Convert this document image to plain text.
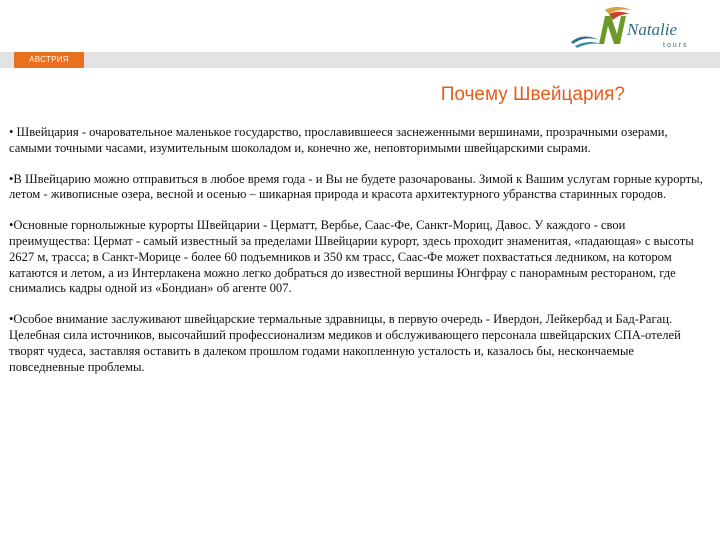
Natalie
tours
АВСТРИЯ
Почему Швейцария?

• Швейцария - очаровательное маленькое государство, прославившееся заснеженными вершинами, прозрачными озерами, самыми точными часами, изумительным шоколадом и, конечно же, неповторимыми швейцарскими сырами.

•В Швейцарию можно отправиться в любое время года - и Вы не будете разочарованы. Зимой к Вашим услугам горные курорты, летом - живописные озера, весной и осенью – шикарная природа и красота архитектурного убранства старинных городов.

•Основные горнолыжные курорты Швейцарии - Церматт, Вербье, Саас-Фе, Санкт-Мориц, Давос. У каждого - свои преимущества: Цермат - самый известный за пределами Швейцарии курорт, здесь проходит знаменитая, «падающая» с высоты 2627 м, трасса; в Санкт-Морице - более 60 подъемников и 350 км трасс, Саас-Фе может похвастаться ледником, на котором катаются и летом, а из Интерлакена можно легко добраться до известной вершины Юнгфрау с панорамным рестораном, где снимались кадры одной из «Бондиан» об агенте 007.

•Особое внимание заслуживают швейцарские термальные здравницы, в первую очередь - Ивердон, Лейкербад и Бад-Рагац. Целебная сила источников, высочайший профессионализм медиков и обслуживающего персонала швейцарских СПА-отелей творят чудеса, заставляя оставить в далеком прошлом годами накопленную усталость и, казалось бы, нескончаемые повседневные проблемы.
